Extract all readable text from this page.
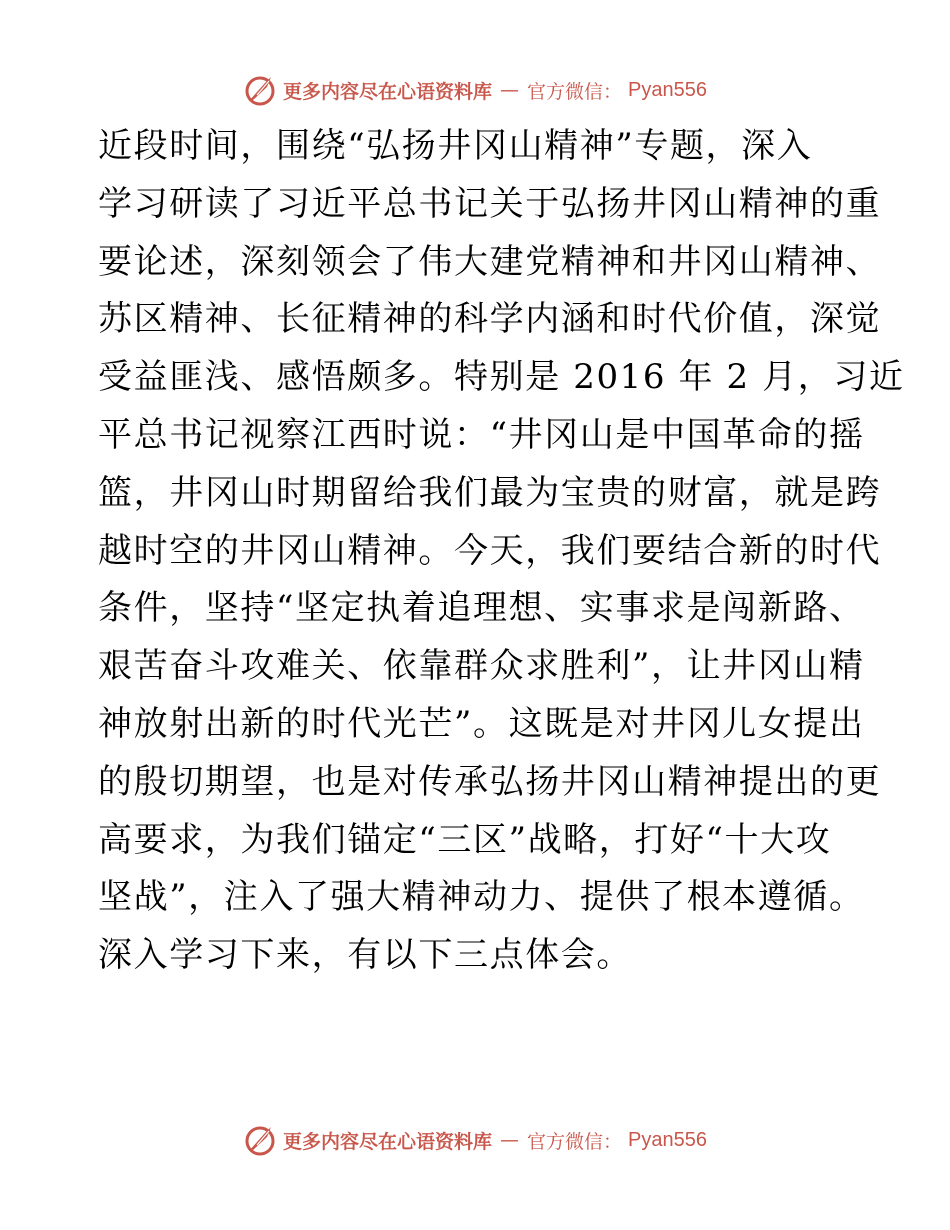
更多内容尽在心语资料库 — 官方微信： Pyan556
近段时间，围绕“弘扬井冈山精神”专题，深入
学习研读了习近平总书记关于弘扬井冈山精神的重
要论述，深刻领会了伟大建党精神和井冈山精神、
苏区精神、长征精神的科学内涵和时代价值，深觉
受益匪浅、感悟颇多。特别是 2016 年 2 月，习近
平总书记视察江西时说：“井冈山是中国革命的摇
篮，井冈山时期留给我们最为宝贵的财富，就是跨
越时空的井冈山精神。今天，我们要结合新的时代
条件，坚持“坚定执着追理想、实事求是闯新路、
艰苦奋斗攻难关、依靠群众求胜利”，让井冈山精
神放射出新的时代光芒”。这既是对井冈儿女提出
的殷切期望，也是对传承弘扬井冈山精神提出的更
高要求，为我们锚定“三区”战略，打好“十大攻
坚战”，注入了强大精神动力、提供了根本遵循。
深入学习下来，有以下三点体会。
更多内容尽在心语资料库 — 官方微信： Pyan556
